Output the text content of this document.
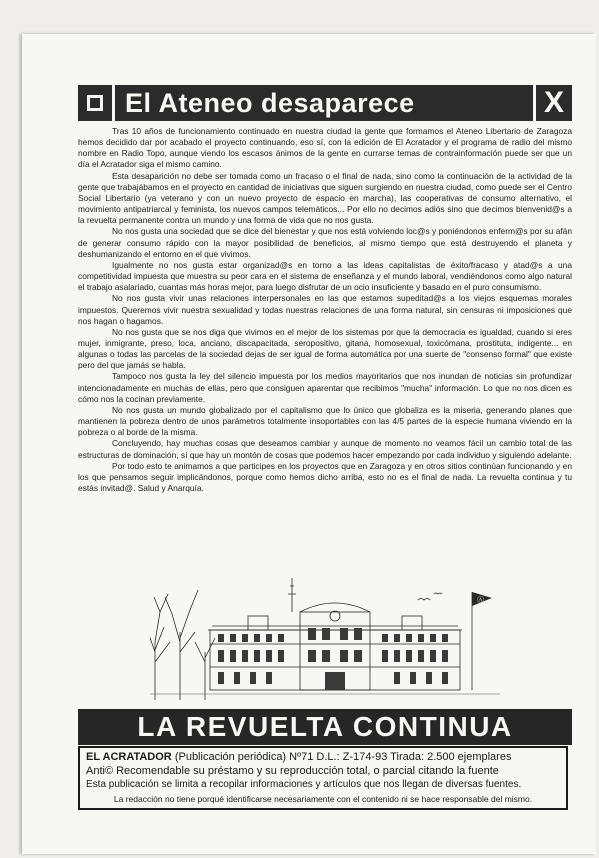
El Ateneo desaparece	X

Tras 10 años de funcionamiento continuado en nuestra ciudad la gente que formamos el Ateneo Libertario de Zaragoza hemos decidido dar por acabado el proyecto continuando, eso sí, con la edición de El Acratador y el programa de radio del mismo nombre en Radio Topo, aunque viendo los escasos ánimos de la gente en currarse temas de contrainformación puede ser que un día el Acratador siga el mismo camino.

Esta desaparición no debe ser tomada como un fracaso o el final de nada, sino como la continuación de la actividad de la gente que trabajábamos en el proyecto en cantidad de iniciativas que siguen surgiendo en nuestra ciudad, como puede ser el Centro Social Libertario (ya veterano y con un nuevo proyecto de espacio en marcha), las cooperativas de consumo alternativo, el movimiento antipatriarcal y feminista, los nuevos campos telemáticos... Por ello no decimos adiós sino que decimos bienvenid@s a la revuelta permanente contra un mundo y una forma de vida que no nos gusta.

No nos gusta una sociedad que se dice del bienestar y que nos está volviendo loc@s y poniéndonos enferm@s por su afán de generar consumo rápido con la mayor posibilidad de beneficios, al mismo tiempo que está destruyendo el planeta y deshumanizando el entorno en el que vivimos.

Igualmente no nos gusta estar organizad@s en torno a las ideas capitalistas de éxito/fracaso y atad@s a una competitividad impuesta que muestra su peor cara en el sistema de enseñanza y el mundo laboral, vendiéndonos como algo natural el trabajo asalariado, cuantas más horas mejor, para luego disfrutar de un ocio insuficiente y basado en el puro consumismo.

No nos gusta vivir unas relaciones interpersonales en las que estamos supeditad@s a los viejos esquemas morales impuestos. Queremos vivir nuestra sexualidad y todas nuestras relaciones de una forma natural, sin censuras ni imposiciones que nos hagan o hagamos.

No nos gusta que se nos diga que vivimos en el mejor de los sistemas por que la democracia es igualdad, cuando si eres mujer, inmigrante, preso, loca, anciano, discapacitada, seropositivo, gitana, homosexual, toxicómana, prostituta, indigente... en algunas o todas las parcelas de la sociedad dejas de ser igual de forma automática por una suerte de "consenso formal" que existe pero del que jamás se habla.

Tampoco nos gusta la ley del silencio impuesta por los medios mayoritarios que nos inundan de noticias sin profundizar intencionadamente en muchas de ellas, pero que consiguen aparentar que recibimos "mucha" información. Lo que no nos dicen es cómo nos la cocinan previamente.

No nos gusta un mundo globalizado por el capitalismo que lo único que globaliza es la miseria, generando planes que mantienen la pobreza dentro de unos parámetros totalmente insoportables con las 4/5 partes de la especie humana viviendo en la pobreza o al borde de la misma.

Concluyendo, hay muchas cosas que deseamos cambiar y aunque de momento no veamos fácil un cambio total de las estructuras de dominación, sí que hay un montón de cosas que podemos hacer empezando por cada individuo y siguiendo adelante.

Por todo esto te animamos a que participes en los proyectos que en Zaragoza y en otros sitios continúan funcionando y en los que pensamos seguir implicándonos, porque como hemos dicho arriba, esto no es el final de nada. La revuelta continua y tu estás invitad@. Salud y Anarquía.

Ⓐ
LA REVUELTA CONTINUA
EL ACRATADOR (Publicación periódica) Nº71 D.L.: Z-174-93 Tirada: 2.500 ejemplares
Anti© Recomendable su préstamo y su reproducción total, o parcial citando la fuente
Esta publicación se limita a recopilar informaciones y artículos que nos llegan de diversas fuentes.
La redacción no tiene porqué identificarse necesariamente con el contenido ni se hace responsable del mismo.
